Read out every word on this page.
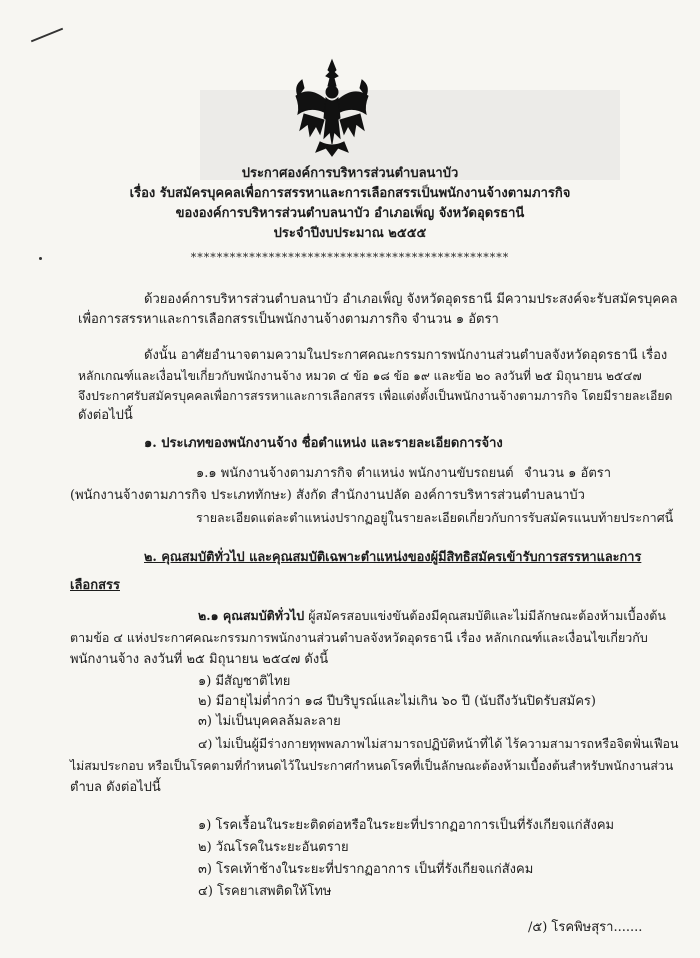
ประกาศองค์การบริหารส่วนตำบลนาบัว
เรื่อง รับสมัครบุคคลเพื่อการสรรหาและการเลือกสรรเป็นพนักงานจ้างตามภารกิจ
ขององค์การบริหารส่วนตำบลนาบัว อำเภอเพ็ญ จังหวัดอุดรธานี
ประจำปีงบประมาณ ๒๕๕๕
*************************************************
ด้วยองค์การบริหารส่วนตำบลนาบัว อำเภอเพ็ญ จังหวัดอุดรธานี มีความประสงค์จะรับสมัครบุคคล
เพื่อการสรรหาและการเลือกสรรเป็นพนักงานจ้างตามภารกิจ จำนวน ๑ อัตรา
ดังนั้น อาศัยอำนาจตามความในประกาศคณะกรรมการพนักงานส่วนตำบลจังหวัดอุดรธานี เรื่อง
หลักเกณฑ์และเงื่อนไขเกี่ยวกับพนักงานจ้าง หมวด ๔ ข้อ ๑๘ ข้อ ๑๙ และข้อ ๒๐ ลงวันที่ ๒๕ มิถุนายน ๒๕๔๗
จึงประกาศรับสมัครบุคคลเพื่อการสรรหาและการเลือกสรร เพื่อแต่งตั้งเป็นพนักงานจ้างตามภารกิจ โดยมีรายละเอียด
ดังต่อไปนี้
๑. ประเภทของพนักงานจ้าง ชื่อตำแหน่ง และรายละเอียดการจ้าง
๑.๑ พนักงานจ้างตามภารกิจ ตำแหน่ง พนักงานขับรถยนต์ จำนวน ๑ อัตรา
(พนักงานจ้างตามภารกิจ ประเภททักษะ) สังกัด สำนักงานปลัด องค์การบริหารส่วนตำบลนาบัว
รายละเอียดแต่ละตำแหน่งปรากฏอยู่ในรายละเอียดเกี่ยวกับการรับสมัครแนบท้ายประกาศนี้
๒. คุณสมบัติทั่วไป และคุณสมบัติเฉพาะตำแหน่งของผู้มีสิทธิสมัครเข้ารับการสรรหาและการ
เลือกสรร
๒.๑ คุณสมบัติทั่วไป ผู้สมัครสอบแข่งขันต้องมีคุณสมบัติและไม่มีลักษณะต้องห้ามเบื้องต้น
ตามข้อ ๔ แห่งประกาศคณะกรรมการพนักงานส่วนตำบลจังหวัดอุดรธานี เรื่อง หลักเกณฑ์และเงื่อนไขเกี่ยวกับ
พนักงานจ้าง ลงวันที่ ๒๕ มิถุนายน ๒๕๔๗ ดังนี้
๑) มีสัญชาติไทย
๒) มีอายุไม่ต่ำกว่า ๑๘ ปีบริบูรณ์และไม่เกิน ๖๐ ปี (นับถึงวันปิดรับสมัคร)
๓) ไม่เป็นบุคคลล้มละลาย
๔) ไม่เป็นผู้มีร่างกายทุพพลภาพไม่สามารถปฏิบัติหน้าที่ได้ ไร้ความสามารถหรือจิตฟั่นเฟือน
ไม่สมประกอบ หรือเป็นโรคตามที่กำหนดไว้ในประกาศกำหนดโรคที่เป็นลักษณะต้องห้ามเบื้องต้นสำหรับพนักงานส่วน
ตำบล ดังต่อไปนี้
๑) โรคเรื้อนในระยะติดต่อหรือในระยะที่ปรากฏอาการเป็นที่รังเกียจแก่สังคม
๒) วัณโรคในระยะอันตราย
๓) โรคเท้าช้างในระยะที่ปรากฏอาการ เป็นที่รังเกียจแก่สังคม
๔) โรคยาเสพติดให้โทษ
/๕) โรคพิษสุรา.......
